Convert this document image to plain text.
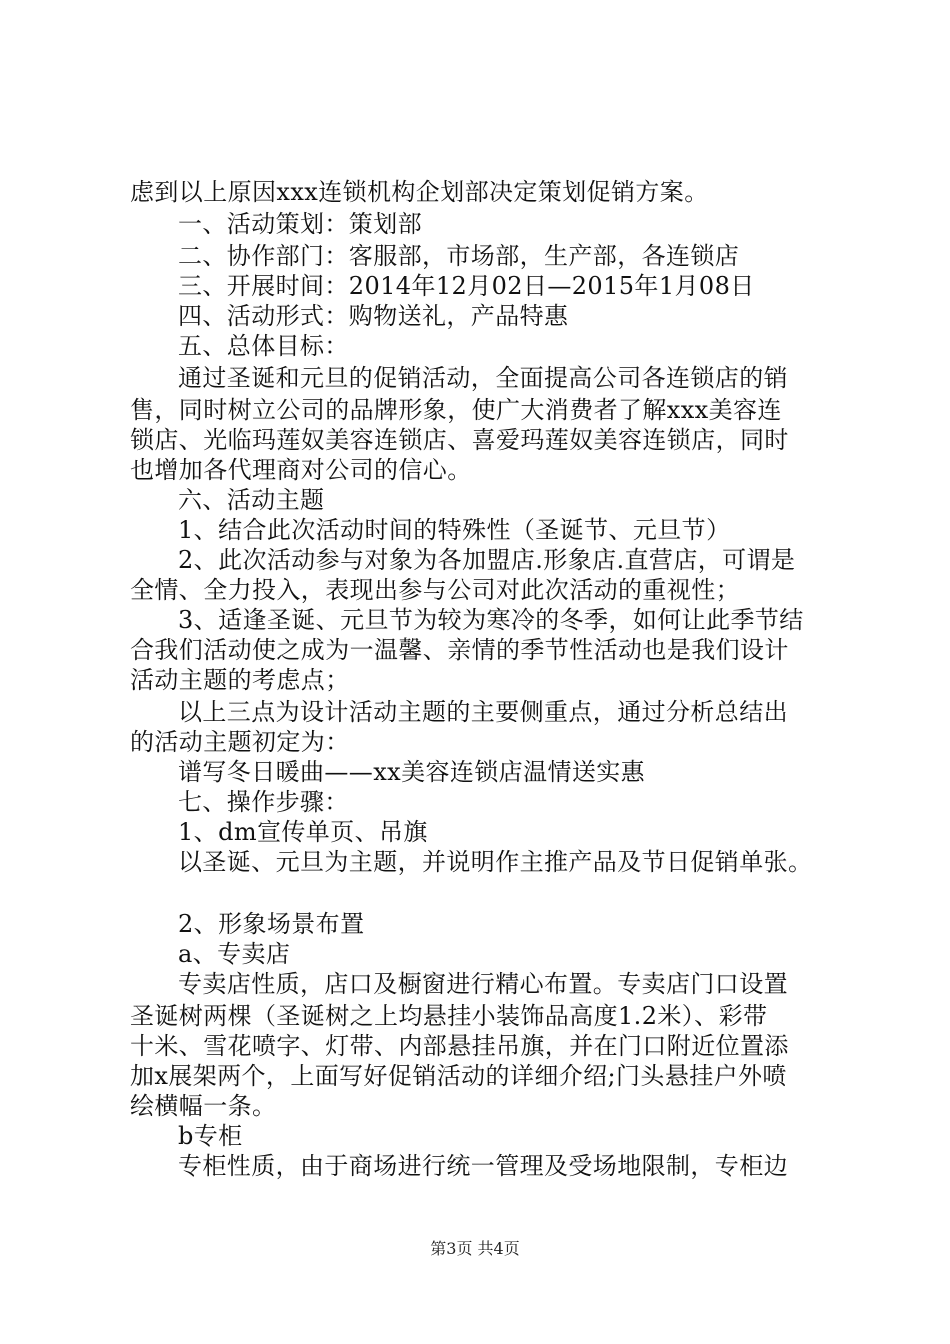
虑到以上原因xxx连锁机构企划部决定策划促销方案。
一、活动策划：策划部
二、协作部门：客服部，市场部，生产部，各连锁店
三、开展时间：2014年12月02日—2015年1月08日
四、活动形式：购物送礼，产品特惠
五、总体目标：
通过圣诞和元旦的促销活动，全面提高公司各连锁店的销
售，同时树立公司的品牌形象，使广大消费者了解xxx美容连
锁店、光临玛莲奴美容连锁店、喜爱玛莲奴美容连锁店，同时
也增加各代理商对公司的信心。
六、活动主题
1、结合此次活动时间的特殊性（圣诞节、元旦节）
2、此次活动参与对象为各加盟店.形象店.直营店，可谓是
全情、全力投入，表现出参与公司对此次活动的重视性；
3、适逢圣诞、元旦节为较为寒冷的冬季，如何让此季节结
合我们活动使之成为一温馨、亲情的季节性活动也是我们设计
活动主题的考虑点；
以上三点为设计活动主题的主要侧重点，通过分析总结出
的活动主题初定为：
谱写冬日暖曲——xx美容连锁店温情送实惠
七、操作步骤：
1、dm宣传单页、吊旗
以圣诞、元旦为主题，并说明作主推产品及节日促销单张。
2、形象场景布置
a、专卖店
专卖店性质，店口及橱窗进行精心布置。专卖店门口设置
圣诞树两棵（圣诞树之上均悬挂小装饰品高度1.2米）、彩带
十米、雪花喷字、灯带、内部悬挂吊旗，并在门口附近位置添
加x展架两个，上面写好促销活动的详细介绍;门头悬挂户外喷
绘横幅一条。
b专柜
专柜性质，由于商场进行统一管理及受场地限制，专柜边
第3页 共4页
